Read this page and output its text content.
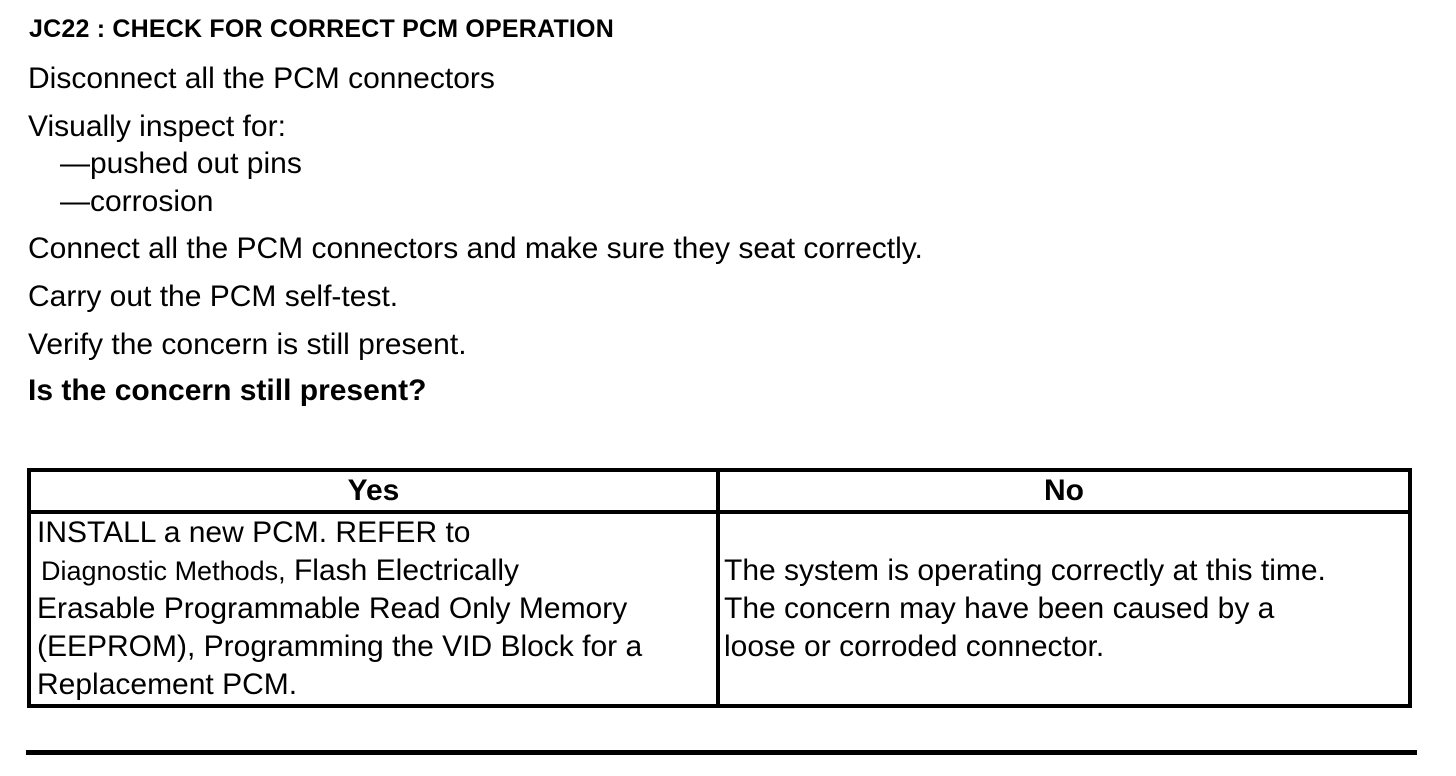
JC22 : CHECK FOR CORRECT PCM OPERATION
Disconnect all the PCM connectors
Visually inspect for:
—pushed out pins
—corrosion
Connect all the PCM connectors and make sure they seat correctly.
Carry out the PCM self-test.
Verify the concern is still present.
Is the concern still present?
Yes	No

INSTALL a new PCM. REFER to
Diagnostic Methods, Flash Electrically
Erasable Programmable Read Only Memory
(EEPROM), Programming the VID Block for a
Replacement PCM.	The system is operating correctly at this time.
The concern may have been caused by a
loose or corroded connector.
